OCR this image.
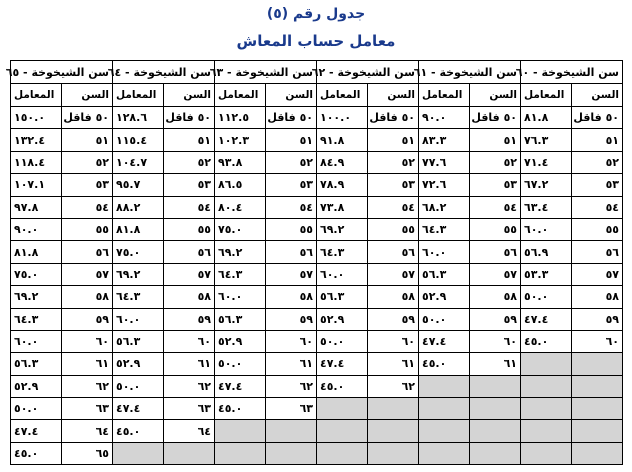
جدول رقم (٥)
معامل حساب المعاش
سن الشيخوخة - ٦٠		سن الشيخوخة - ٦١		سن الشيخوخة - ٦٢		سن الشيخوخة - ٦٣		سن الشيخوخة - ٦٤		سن الشيخوخة - ٦٥	
السن	المعامل	السن	المعامل	السن	المعامل	السن	المعامل	السن	المعامل	السن	المعامل
٥٠ فاقل	٨١.٨	٥٠ فاقل	٩٠.٠	٥٠ فاقل	١٠٠.٠	٥٠ فاقل	١١٢.٥	٥٠ فاقل	١٢٨.٦	٥٠ فاقل	١٥٠.٠
٥١	٧٦.٣	٥١	٨٣.٣	٥١	٩١.٨	٥١	١٠٢.٣	٥١	١١٥.٤	٥١	١٣٢.٤
٥٢	٧١.٤	٥٢	٧٧.٦	٥٢	٨٤.٩	٥٢	٩٣.٨	٥٢	١٠٤.٧	٥٢	١١٨.٤
٥٣	٦٧.٢	٥٣	٧٢.٦	٥٣	٧٨.٩	٥٣	٨٦.٥	٥٣	٩٥.٧	٥٣	١٠٧.١
٥٤	٦٣.٤	٥٤	٦٨.٢	٥٤	٧٣.٨	٥٤	٨٠.٤	٥٤	٨٨.٢	٥٤	٩٧.٨
٥٥	٦٠.٠	٥٥	٦٤.٣	٥٥	٦٩.٢	٥٥	٧٥.٠	٥٥	٨١.٨	٥٥	٩٠.٠
٥٦	٥٦.٩	٥٦	٦٠.٠	٥٦	٦٤.٣	٥٦	٦٩.٢	٥٦	٧٥.٠	٥٦	٨١.٨
٥٧	٥٣.٣	٥٧	٥٦.٣	٥٧	٦٠.٠	٥٧	٦٤.٣	٥٧	٦٩.٢	٥٧	٧٥.٠
٥٨	٥٠.٠	٥٨	٥٢.٩	٥٨	٥٦.٣	٥٨	٦٠.٠	٥٨	٦٤.٣	٥٨	٦٩.٢
٥٩	٤٧.٤	٥٩	٥٠.٠	٥٩	٥٢.٩	٥٩	٥٦.٣	٥٩	٦٠.٠	٥٩	٦٤.٣
٦٠	٤٥.٠	٦٠	٤٧.٤	٦٠	٥٠.٠	٦٠	٥٢.٩	٦٠	٥٦.٣	٦٠	٦٠.٠
		٦١	٤٥.٠	٦١	٤٧.٤	٦١	٥٠.٠	٦١	٥٢.٩	٦١	٥٦.٣
				٦٢	٤٥.٠	٦٢	٤٧.٤	٦٢	٥٠.٠	٦٢	٥٢.٩
						٦٣	٤٥.٠	٦٣	٤٧.٤	٦٣	٥٠.٠
								٦٤	٤٥.٠	٦٤	٤٧.٤
										٦٥	٤٥.٠
